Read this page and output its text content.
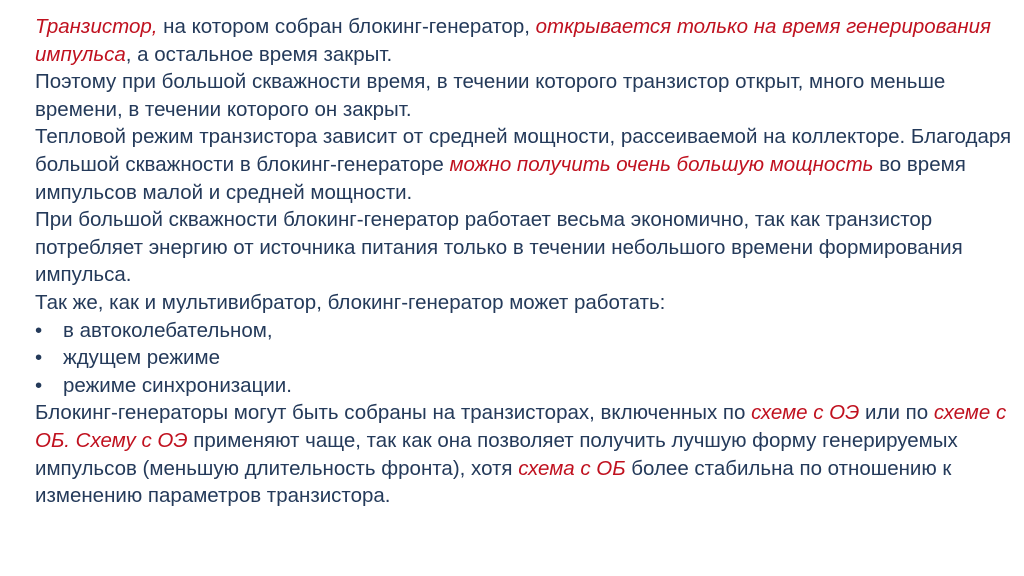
Транзистор, на котором собран блокинг-генератор, открывается только на время генерирования импульса, а остальное время закрыт.

Поэтому при большой скважности время, в течении которого транзистор открыт, много меньше времени, в течении которого он закрыт.

Тепловой режим транзистора зависит от средней мощности, рассеиваемой на коллекторе. Благодаря большой скважности в блокинг-генераторе можно получить очень большую мощность во время импульсов малой и средней мощности.

При большой скважности блокинг-генератор работает весьма экономично, так как транзистор потребляет энергию от источника питания только в течении небольшого времени формирования импульса.

Так же, как и мультивибратор, блокинг-генератор может работать:

• в автоколебательном,
• ждущем режиме
• режиме синхронизации.

Блокинг-генераторы могут быть собраны на транзисторах, включенных по схеме с ОЭ или по схеме с ОБ. Схему с ОЭ применяют чаще, так как она позволяет получить лучшую форму генерируемых импульсов (меньшую длительность фронта), хотя схема с ОБ более стабильна по отношению к изменению параметров транзистора.
